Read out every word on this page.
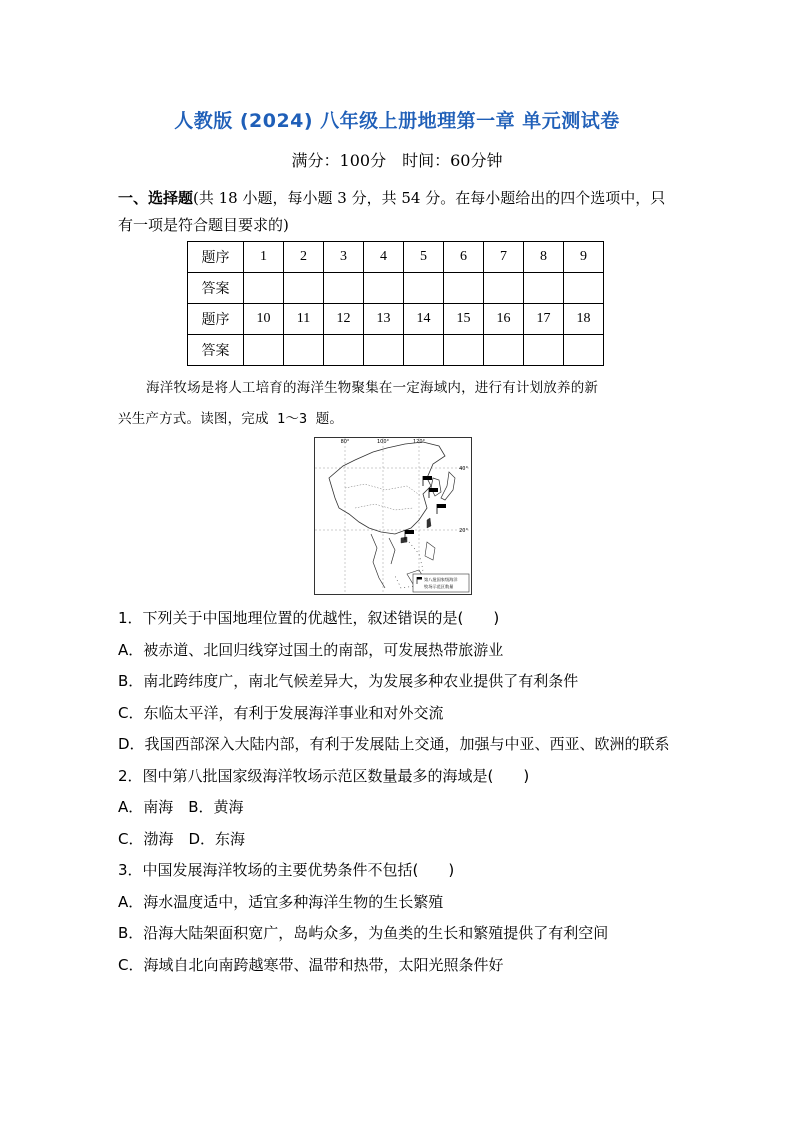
人教版 (2024) 八年级上册地理第一章 单元测试卷
满分：100分　时间：60分钟
一、选择题(共 18 小题，每小题 3 分，共 54 分。在每小题给出的四个选项中，只有一项是符合题目要求的)
题序	1	2	3	4	5	6	7	8	9
答案									
题序	10	11	12	13	14	15	16	17	18
答案									
海洋牧场是将人工培育的海洋生物聚集在一定海域内，进行有计划放养的新
兴生产方式。读图，完成 1～3 题。
80°	100°	120°
40°
20°
第八批国家级海洋
牧场示范区数量
1．下列关于中国地理位置的优越性，叙述错误的是(　　)
A．被赤道、北回归线穿过国土的南部，可发展热带旅游业
B．南北跨纬度广，南北气候差异大，为发展多种农业提供了有利条件
C．东临太平洋，有利于发展海洋事业和对外交流
D．我国西部深入大陆内部，有利于发展陆上交通，加强与中亚、西亚、欧洲的联系
2．图中第八批国家级海洋牧场示范区数量最多的海域是(　　)
A．南海　B．黄海
C．渤海　D．东海
3．中国发展海洋牧场的主要优势条件不包括(　　)
A．海水温度适中，适宜多种海洋生物的生长繁殖
B．沿海大陆架面积宽广，岛屿众多，为鱼类的生长和繁殖提供了有利空间
C．海域自北向南跨越寒带、温带和热带，太阳光照条件好
